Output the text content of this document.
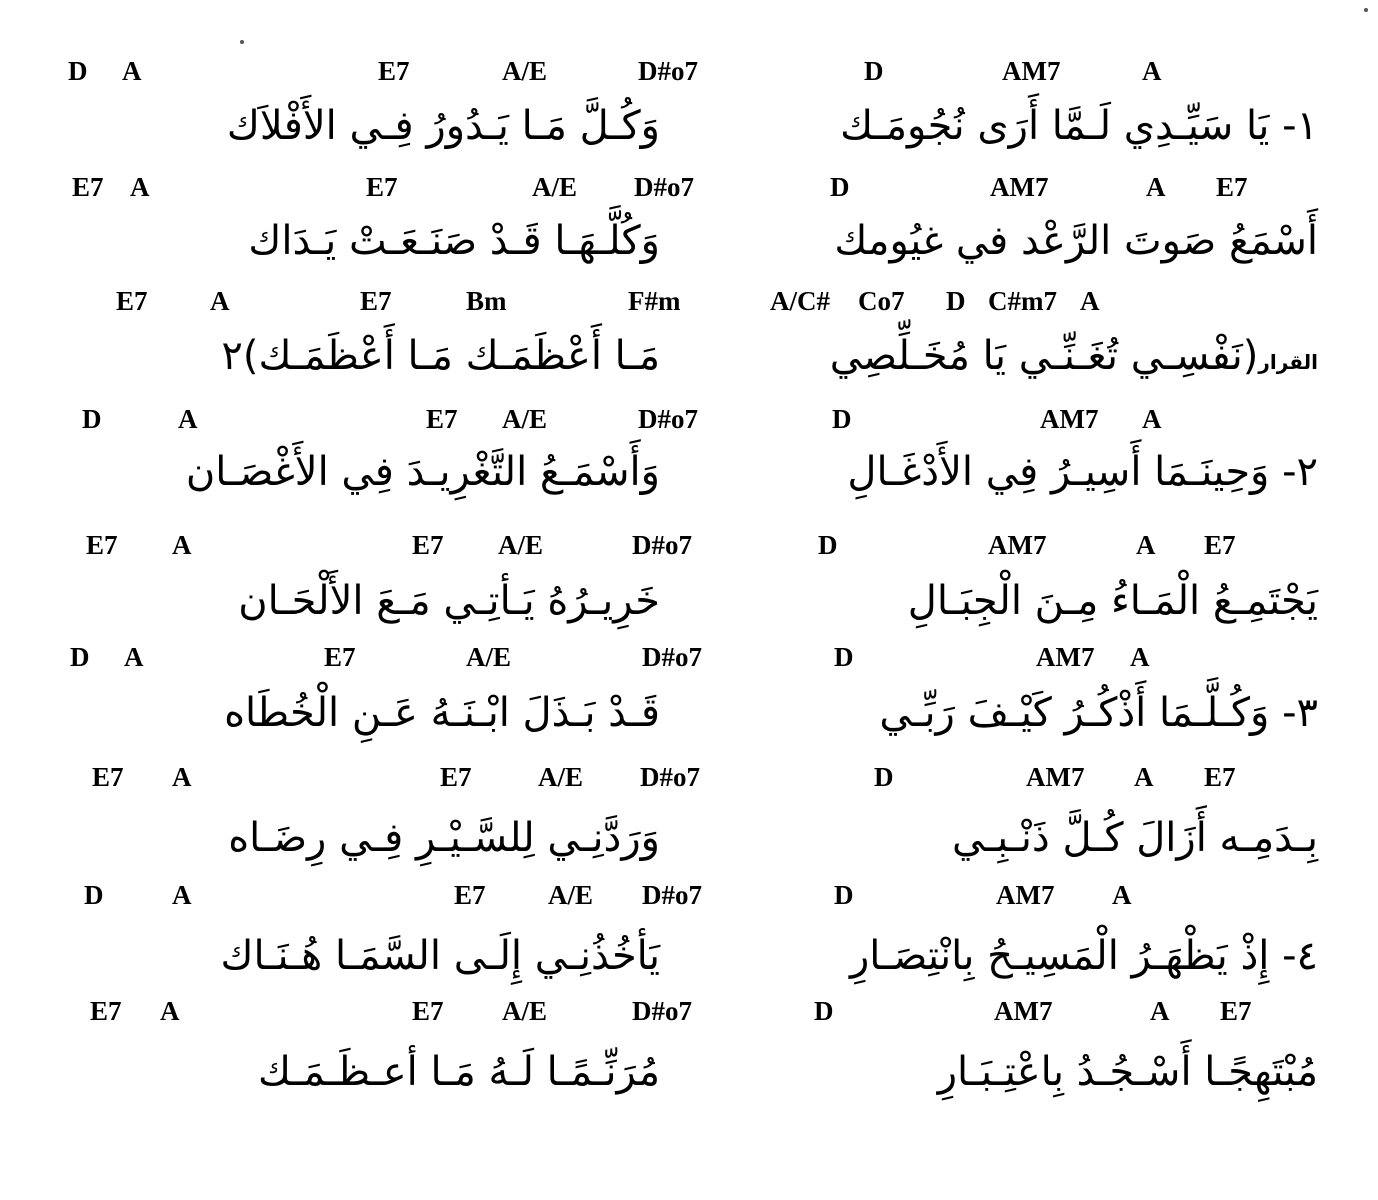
D A	E7	A/E	D#o7	D	AM7	A
وَكُـلَّ مَـا يَـدُورُ فِـي الأَفْلاَك	١- يَا سَيِّـدِي لَـمَّا أَرَى نُجُومَـك
E7 A	E7	A/E D#o7	D	AM7	A E7
وَكُلَّـهَـا قَـدْ صَنَـعَـتْ يَـدَاك	أَسْمَعُ صَوتَ الرَّعْد في غيُومك
E7 A	E7	Bm	F#m	A/C# Co7 D C#m7 A
مَـا أَعْظَمَـك مَـا أَعْظَمَـك)٢	القرار(نَفْسِـي تُغَـنِّـي يَا مُخَـلِّصِي
D	A	E7 A/E	D#o7	D	AM7 A
وَأَسْمَـعُ التَّغْرِيـدَ فِي الأَغْصَـان	٢- وَحِينَـمَا أَسِيـرُ فِي الأَدْغَـالِ
E7 A	E7 A/E	D#o7	D	AM7	A E7
خَرِيـرُهُ يَـأتِـي مَـعَ الأَلْحَـان	يَجْتَمِـعُ الْمَـاءُ مِـنَ الْجِبَـالِ
D A	E7	A/E	D#o7	D	AM7 A
قَـدْ بَـذَلَ ابْـنَـهُ عَـنِ الْخُطَاه	٣- وَكُـلَّـمَا أَذْكُـرُ كَيْـفَ رَبِّـي
E7 A	E7 A/E D#o7	D	AM7 A E7
وَرَدَّنِـي لِلسَّـيْـرِ فِـي رِضَـاه	بِـدَمِـه أَزَالَ كُـلَّ ذَنْـبِـي
D	A	E7 A/E D#o7	D	AM7 A
يَأخُذُنِـي إِلَـى السَّمَـا هُـنَـاك	٤- إِذْ يَظْهَـرُ الْمَسِيـحُ بِانْتِصَـارِ
E7 A	E7 A/E	D#o7	D	AM7	A E7
مُرَنِّـمًـا لَـهُ مَـا أعـظَـمَـك	مُبْتَهِجًـا أَسْـجُـدُ بِاعْتِـبَـارِ
